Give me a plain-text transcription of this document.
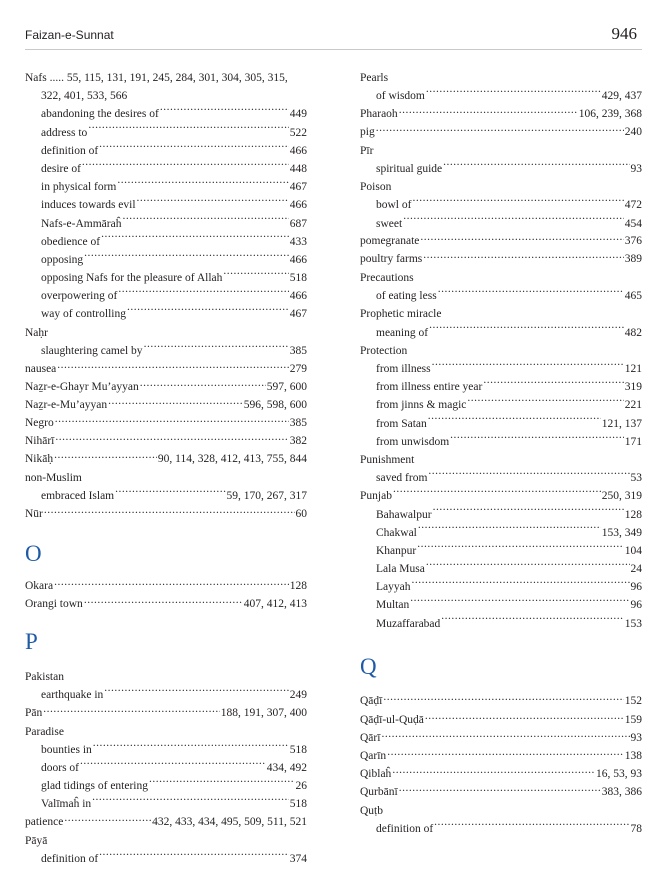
Faizan-e-Sunnat	946
Nafs ..... 55, 115, 131, 191, 245, 284, 301, 304, 305, 315,
322, 401, 533, 566
abandoning the desires of .....	449
address to .....	522
definition of .....	466
desire of .....	448
in physical form .....	467
induces towards evil .....	466
Nafs-e-Ammāraĥ .....	687
obedience of .....	433
opposing .....	466
opposing Nafs for the pleasure of Allah .....	518
overpowering of .....	466
way of controlling .....	467
Naḥr
slaughtering camel by .....	385
nausea .....	279
Naẕr-e-Ghayr Mu’ayyan .....	597, 600
Naẕr-e-Mu’ayyan .....	596, 598, 600
Negro .....	385
Nihārī .....	382
Nikāḥ .....	90, 114, 328, 412, 413, 755, 844
non-Muslim
embraced Islam .....	59, 170, 267, 317
Nūr .....	60
O
Okara .....	128
Orangi town .....	407, 412, 413
P
Pakistan
earthquake in .....	249
Pān .....	188, 191, 307, 400
Paradise
bounties in .....	518
doors of .....	434, 492
glad tidings of entering .....	26
Valīmaĥ in .....	518
patience .....	432, 433, 434, 495, 509, 511, 521
Pāyā
definition of .....	374
Pearls
of wisdom .....	429, 437
Pharaoh .....	106, 239, 368
pig .....	240
Pīr
spiritual guide .....	93
Poison
bowl of .....	472
sweet .....	454
pomegranate .....	376
poultry farms .....	389
Precautions
of eating less .....	465
Prophetic miracle
meaning of .....	482
Protection
from illness .....	121
from illness entire year .....	319
from jinns & magic .....	221
from Satan .....	121, 137
from unwisdom .....	171
Punishment
saved from .....	53
Punjab .....	250, 319
Bahawalpur .....	128
Chakwal .....	153, 349
Khanpur .....	104
Lala Musa .....	24
Layyah .....	96
Multan .....	96
Muzaffarabad .....	153
Q
Qāḍī .....	152
Qāḍī-ul-Quḍā .....	159
Qārī .....	93
Qarīn .....	138
Qiblaĥ .....	16, 53, 93
Qurbānī .....	383, 386
Quṭb
definition of .....	78
